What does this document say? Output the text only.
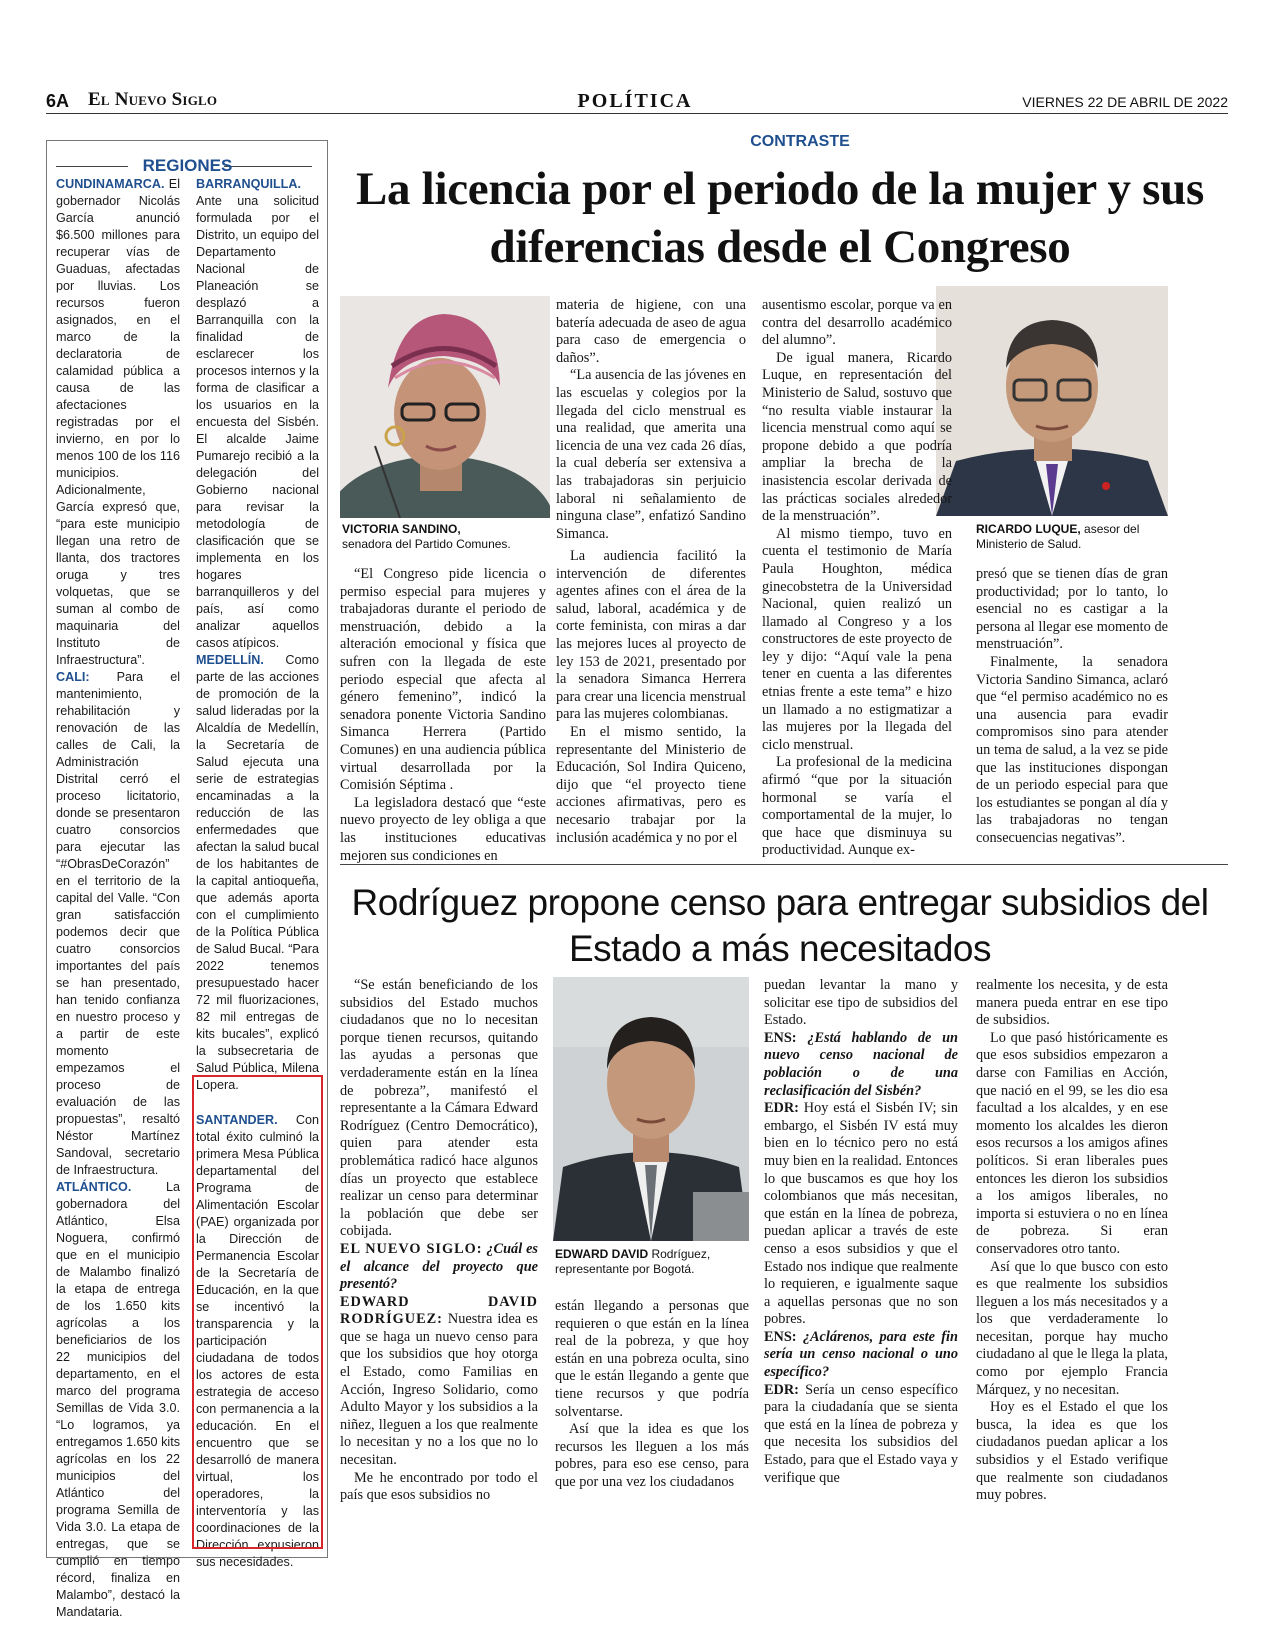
6A El Nuevo Siglo	POLÍTICA	VIERNES 22 DE ABRIL DE 2022
REGIONES

CUNDINAMARCA. El gobernador Nicolás García anunció $6.500 millones para recuperar vías de Guaduas, afectadas por lluvias. Los recursos fueron asignados, en el marco de la declaratoria de calamidad pública a causa de las afectaciones registradas por el invierno, en por lo menos 100 de los 116 municipios. Adicionalmente, García expresó que, “para este municipio llegan una retro de llanta, dos tractores oruga y tres volquetas, que se suman al combo de maquinaria del Instituto de Infraestructura”.

CALI: Para el mantenimiento, rehabilitación y renovación de las calles de Cali, la Administración Distrital cerró el proceso licitatorio, donde se presentaron cuatro consorcios para ejecutar las “#ObrasDeCorazón” en el territorio de la capital del Valle. “Con gran satisfacción podemos decir que cuatro consorcios importantes del país se han presentado, han tenido confianza en nuestro proceso y a partir de este momento empezamos el proceso de evaluación de las propuestas”, resaltó Néstor Martínez Sandoval, secretario de Infraestructura.

ATLÁNTICO. La gobernadora del Atlántico, Elsa Noguera, confirmó que en el municipio de Malambo finalizó la etapa de entrega de los 1.650 kits agrícolas a los beneficiarios de los 22 municipios del departamento, en el marco del programa Semillas de Vida 3.0. “Lo logramos, ya entregamos 1.650 kits agrícolas en los 22 municipios del Atlántico del programa Semilla de Vida 3.0. La etapa de entregas, que se cumplió en tiempo récord, finaliza en Malambo”, destacó la Mandataria.

BARRANQUILLA. Ante una solicitud formulada por el Distrito, un equipo del Departamento Nacional de Planeación se desplazó a Barranquilla con la finalidad de esclarecer los procesos internos y la forma de clasificar a los usuarios en la encuesta del Sisbén. El alcalde Jaime Pumarejo recibió a la delegación del Gobierno nacional para revisar la metodología de clasificación que se implementa en los hogares barranquilleros y del país, así como analizar aquellos casos atípicos.

MEDELLÍN. Como parte de las acciones de promoción de la salud lideradas por la Alcaldía de Medellín, la Secretaría de Salud ejecuta una serie de estrategias encaminadas a la reducción de las enfermedades que afectan la salud bucal de los habitantes de la capital antioqueña, que además aporta con el cumplimiento de la Política Pública de Salud Bucal. “Para 2022 tenemos presupuestado hacer 72 mil fluorizaciones, 82 mil entregas de kits bucales”, explicó la subsecretaria de Salud Pública, Milena Lopera.

SANTANDER. Con total éxito culminó la primera Mesa Pública departamental del Programa de Alimentación Escolar (PAE) organizada por la Dirección de Permanencia Escolar de la Secretaría de Educación, en la que se incentivó la transparencia y la participación ciudadana de todos los actores de esta estrategia de acceso con permanencia a la educación. En el encuentro que se desarrolló de manera virtual, los operadores, la interventoría y las coordinaciones de la Dirección expusieron sus necesidades.

CONTRASTE
La licencia por el periodo de la mujer y sus diferencias desde el Congreso
VICTORIA SANDINO,
senadora del Partido Comunes.
RICARDO LUQUE, asesor del Ministerio de Salud.

“El Congreso pide licencia o permiso especial para mujeres y trabajadoras durante el periodo de menstruación, debido a la alteración emocional y física que sufren con la llegada de este periodo especial que afecta al género femenino”, indicó la senadora ponente Victoria Sandino Simanca Herrera (Partido Comunes) en una audiencia pública virtual desarrollada por la Comisión Séptima .

La legisladora destacó que “este nuevo proyecto de ley obliga a que las instituciones educativas mejoren sus condiciones en

materia de higiene, con una batería adecuada de aseo de agua para caso de emergencia o daños”.

“La ausencia de las jóvenes en las escuelas y colegios por la llegada del ciclo menstrual es una realidad, que amerita una licencia de una vez cada 26 días, la cual debería ser extensiva a las trabajadoras sin perjuicio laboral ni señalamiento de ninguna clase”, enfatizó Sandino Simanca.

La audiencia facilitó la intervención de diferentes agentes afines con el área de la salud, laboral, académica y de corte feminista, con miras a dar las mejores luces al proyecto de ley 153 de 2021, presentado por la senadora Simanca Herrera para crear una licencia menstrual para las mujeres colombianas.

En el mismo sentido, la representante del Ministerio de Educación, Sol Indira Quiceno, dijo que “el proyecto tiene acciones afirmativas, pero es necesario trabajar por la inclusión académica y no por el

ausentismo escolar, porque va en contra del desarrollo académico del alumno”.

De igual manera, Ricardo Luque, en representación del Ministerio de Salud, sostuvo que “no resulta viable instaurar la licencia menstrual como aquí se propone debido a que podría ampliar la brecha de la inasistencia escolar derivada de las prácticas sociales alrededor de la menstruación”.

Al mismo tiempo, tuvo en cuenta el testimonio de María Paula Houghton, médica ginecobstetra de la Universidad Nacional, quien realizó un llamado al Congreso y a los constructores de este proyecto de ley y dijo: “Aquí vale la pena tener en cuenta a las diferentes etnias frente a este tema” e hizo un llamado a no estigmatizar a las mujeres por la llegada del ciclo menstrual.

La profesional de la medicina afirmó “que por la situación hormonal se varía el comportamental de la mujer, lo que hace que disminuya su productividad. Aunque ex-

presó que se tienen días de gran productividad; por lo tanto, lo esencial no es castigar a la persona al llegar ese momento de menstruación”.

Finalmente, la senadora Victoria Sandino Simanca, aclaró que “el permiso académico no es una ausencia para evadir compromisos sino para atender un tema de salud, a la vez se pide que las instituciones dispongan de un periodo especial para que los estudiantes se pongan al día y las trabajadoras no tengan consecuencias negativas”.

Rodríguez propone censo para entregar subsidios del Estado a más necesitados
EDWARD DAVID Rodríguez, representante por Bogotá.

“Se están beneficiando de los subsidios del Estado muchos ciudadanos que no lo necesitan porque tienen recursos, quitando las ayudas a personas que verdaderamente están en la línea de pobreza”, manifestó el representante a la Cámara Edward Rodríguez (Centro Democrático), quien para atender esta problemática radicó hace algunos días un proyecto que establece realizar un censo para determinar la población que debe ser cobijada.

EL NUEVO SIGLO: ¿Cuál es el alcance del proyecto que presentó?

EDWARD DAVID RODRÍGUEZ: Nuestra idea es que se haga un nuevo censo para que los subsidios que hoy otorga el Estado, como Familias en Acción, Ingreso Solidario, como Adulto Mayor y los subsidios a la niñez, lleguen a los que realmente lo necesitan y no a los que no lo necesitan.

Me he encontrado por todo el país que esos subsidios no

están llegando a personas que requieren o que están en la línea real de la pobreza, y que hoy están en una pobreza oculta, sino que le están llegando a gente que tiene recursos y que podría solventarse.

Así que la idea es que los recursos les lleguen a los más pobres, para eso ese censo, para que por una vez los ciudadanos

puedan levantar la mano y solicitar ese tipo de subsidios del Estado.

ENS: ¿Está hablando de un nuevo censo nacional de población o de una reclasificación del Sisbén?

EDR: Hoy está el Sisbén IV; sin embargo, el Sisbén IV está muy bien en lo técnico pero no está muy bien en la realidad. Entonces lo que buscamos es que hoy los colombianos que más necesitan, que están en la línea de pobreza, puedan aplicar a través de este censo a esos subsidios y que el Estado nos indique que realmente lo requieren, e igualmente saque a aquellas personas que no son pobres.

ENS: ¿Aclárenos, para este fin sería un censo nacional o uno específico?

EDR: Sería un censo específico para la ciudadanía que se sienta que está en la línea de pobreza y que necesita los subsidios del Estado, para que el Estado vaya y verifique que

realmente los necesita, y de esta manera pueda entrar en ese tipo de subsidios.

Lo que pasó históricamente es que esos subsidios empezaron a darse con Familias en Acción, que nació en el 99, se les dio esa facultad a los alcaldes, y en ese momento los alcaldes les dieron esos recursos a los amigos afines políticos. Si eran liberales pues entonces les dieron los subsidios a los amigos liberales, no importa si estuviera o no en línea de pobreza. Si eran conservadores otro tanto.

Así que lo que busco con esto es que realmente los subsidios lleguen a los más necesitados y a los que verdaderamente lo necesitan, porque hay mucho ciudadano al que le llega la plata, como por ejemplo Francia Márquez, y no necesitan.

Hoy es el Estado el que los busca, la idea es que los ciudadanos puedan aplicar a los subsidios y el Estado verifique que realmente son ciudadanos muy pobres.
